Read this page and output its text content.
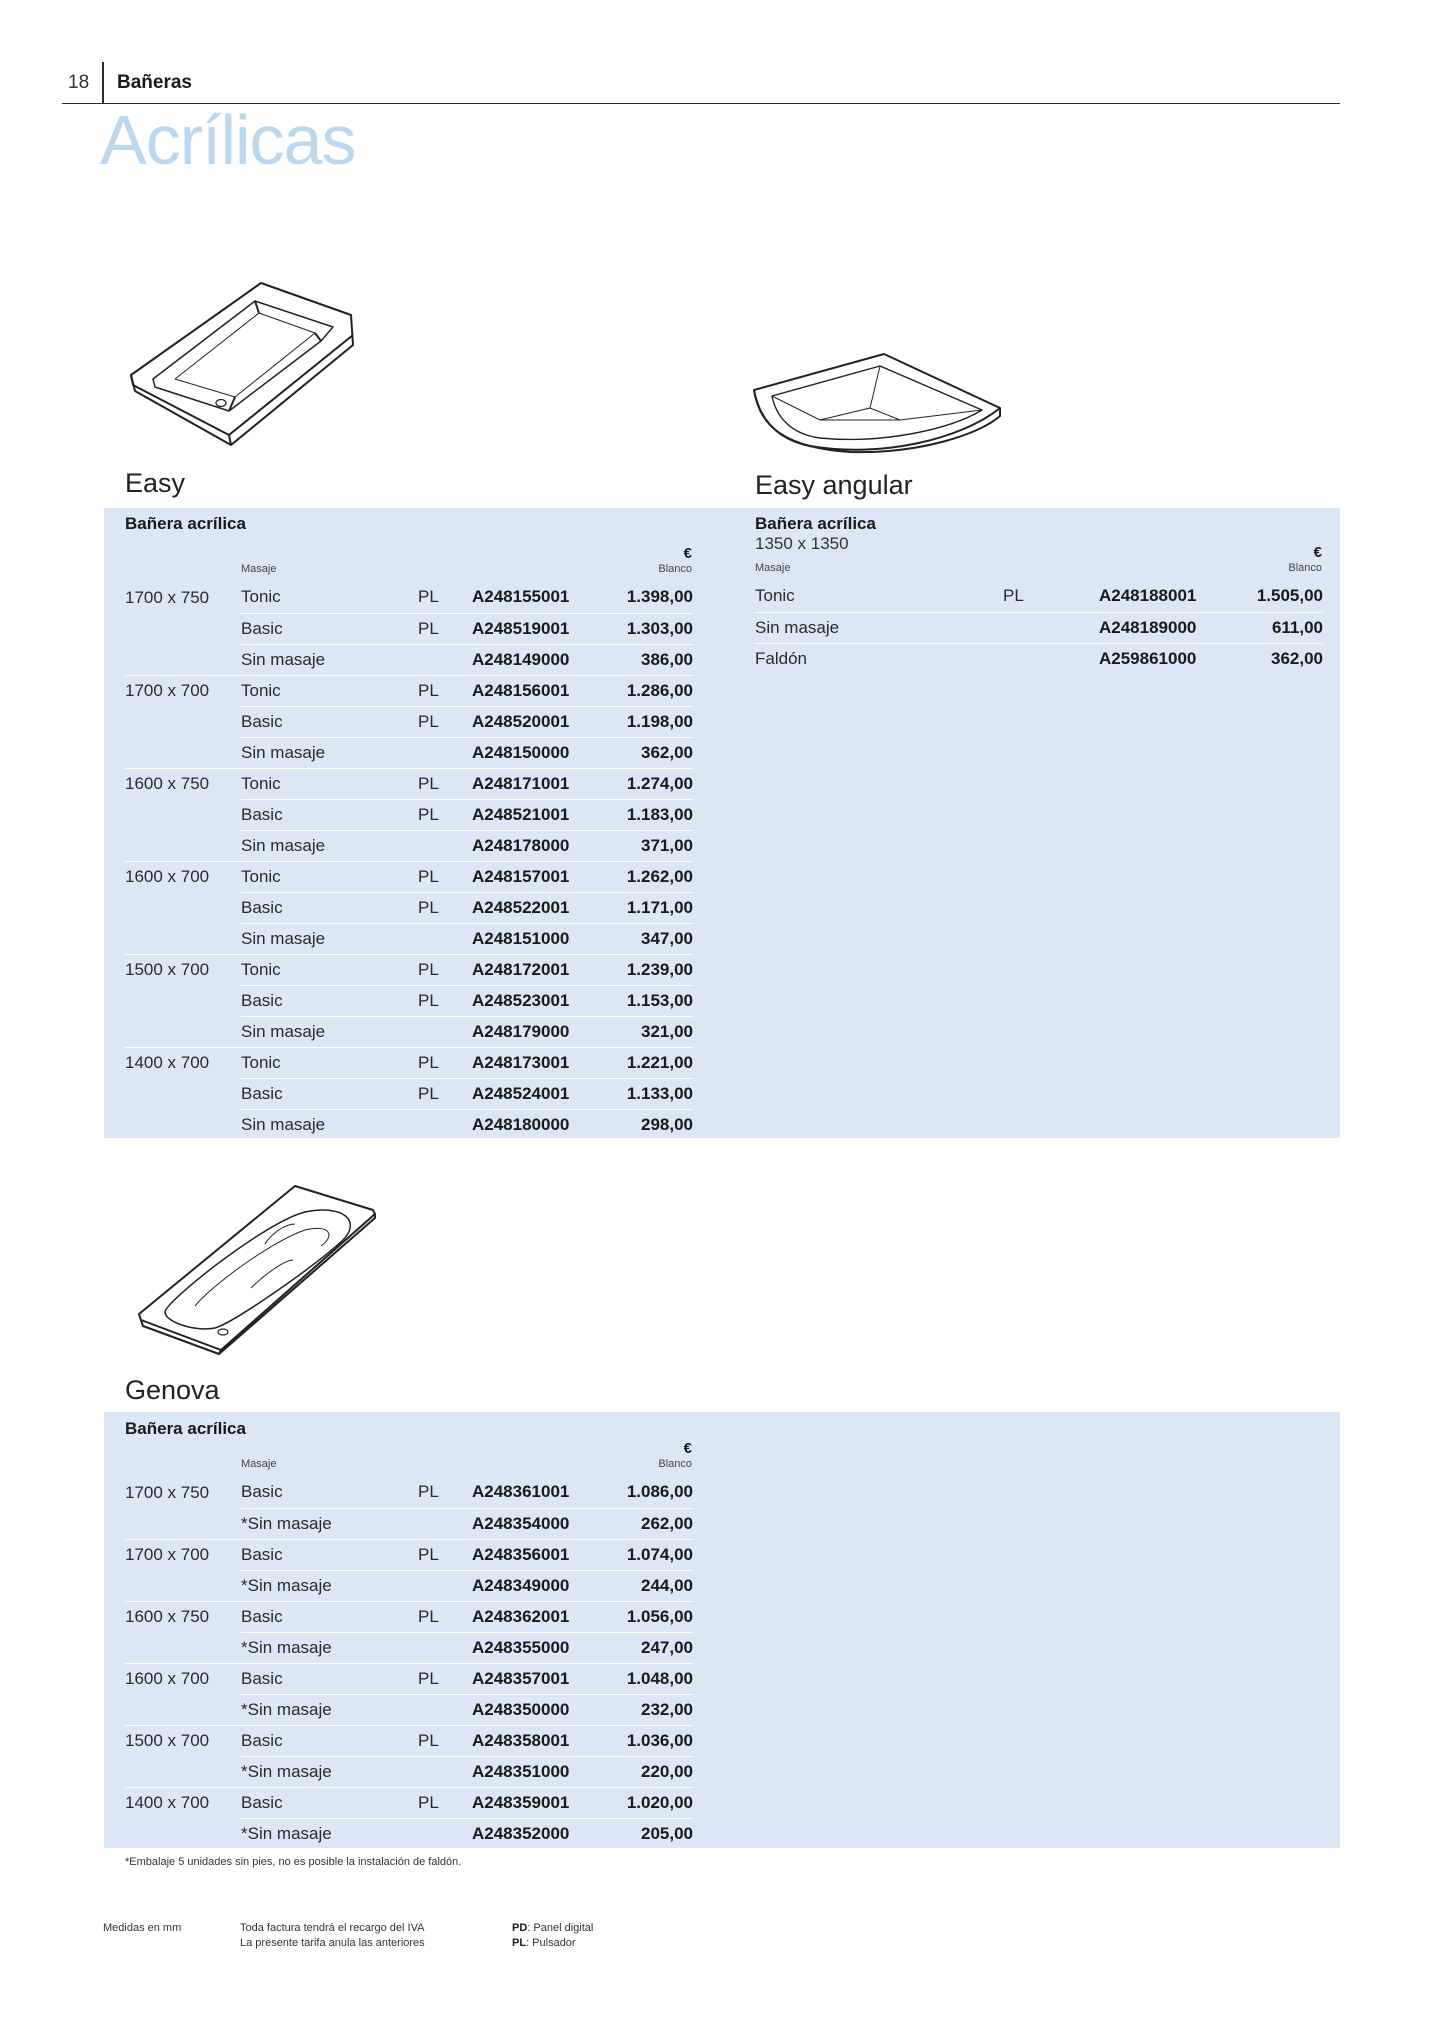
18 Bañeras
Acrílicas
Easy	Easy angular
Bañera acrílica
€
Masaje	Blanco
1700 x 750	Tonic	PL	A248155001	1.398,00
	Basic	PL	A248519001	1.303,00
	Sin masaje		A248149000	386,00
1700 x 700	Tonic	PL	A248156001	1.286,00
	Basic	PL	A248520001	1.198,00
	Sin masaje		A248150000	362,00
1600 x 750	Tonic	PL	A248171001	1.274,00
	Basic	PL	A248521001	1.183,00
	Sin masaje		A248178000	371,00
1600 x 700	Tonic	PL	A248157001	1.262,00
	Basic	PL	A248522001	1.171,00
	Sin masaje		A248151000	347,00
1500 x 700	Tonic	PL	A248172001	1.239,00
	Basic	PL	A248523001	1.153,00
	Sin masaje		A248179000	321,00
1400 x 700	Tonic	PL	A248173001	1.221,00
	Basic	PL	A248524001	1.133,00
	Sin masaje		A248180000	298,00
Bañera acrílica
1350 x 1350	€
Masaje	Blanco
Tonic	PL	A248188001	1.505,00
Sin masaje		A248189000	611,00
Faldón		A259861000	362,00
Genova
Bañera acrílica
€
Masaje	Blanco
1700 x 750	Basic	PL	A248361001	1.086,00
	*Sin masaje		A248354000	262,00
1700 x 700	Basic	PL	A248356001	1.074,00
	*Sin masaje		A248349000	244,00
1600 x 750	Basic	PL	A248362001	1.056,00
	*Sin masaje		A248355000	247,00
1600 x 700	Basic	PL	A248357001	1.048,00
	*Sin masaje		A248350000	232,00
1500 x 700	Basic	PL	A248358001	1.036,00
	*Sin masaje		A248351000	220,00
1400 x 700	Basic	PL	A248359001	1.020,00
	*Sin masaje		A248352000	205,00
*Embalaje 5 unidades sin pies, no es posible la instalación de faldón.
Medidas en mm	Toda factura tendrá el recargo del IVA
La presente tarifa anula las anteriores
PD: Panel digital
PL: Pulsador
